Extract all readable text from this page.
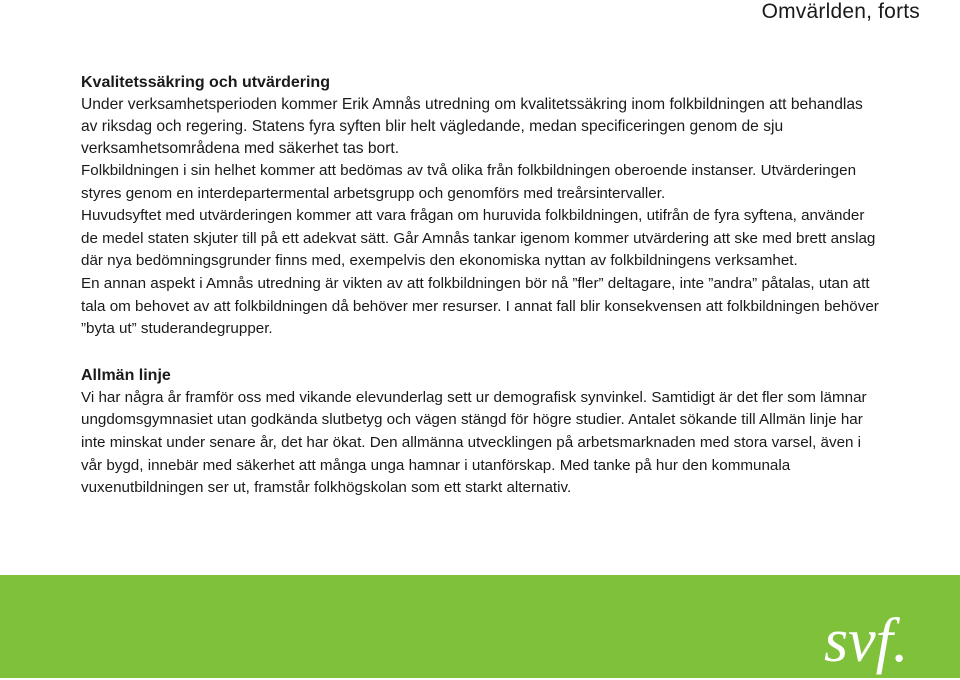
Omvärlden, forts

Kvalitetssäkring och utvärdering

Under verksamhetsperioden kommer Erik Amnås utredning om kvalitetssäkring inom folkbildningen att behandlas av riksdag och regering. Statens fyra syften blir helt vägledande, medan specificeringen genom de sju verksamhetsområdena med säkerhet tas bort.

Folkbildningen i sin helhet kommer att bedömas av två olika från folkbildningen oberoende instanser. Utvärderingen styres genom en interdepartermental arbetsgrupp och genomförs med treårsintervaller.

Huvudsyftet med utvärderingen kommer att vara frågan om huruvida folkbildningen, utifrån de fyra syftena, använder de medel staten skjuter till på ett adekvat sätt. Går Amnås tankar igenom kommer utvärdering att ske med brett anslag där nya bedömningsgrunder finns med, exempelvis den ekonomiska nyttan av folkbildningens verksamhet.

En annan aspekt i Amnås utredning är vikten av att folkbildningen bör nå ”fler” deltagare, inte ”andra” påtalas, utan att tala om behovet av att folkbildningen då behöver mer resurser. I annat fall blir konsekvensen att folkbildningen behöver ”byta ut” studerandegrupper.

Allmän linje

Vi har några år framför oss med vikande elevunderlag sett ur demografisk synvinkel. Samtidigt är det fler som lämnar ungdomsgymnasiet utan godkända slutbetyg och vägen stängd för högre studier. Antalet sökande till Allmän linje har inte minskat under senare år, det har ökat. Den allmänna utvecklingen på arbetsmarknaden med stora varsel, även i vår bygd, innebär med säkerhet att många unga hamnar i utanförskap. Med tanke på hur den kommunala vuxenutbildningen ser ut, framstår folkhögskolan som ett starkt alternativ.

svf.
